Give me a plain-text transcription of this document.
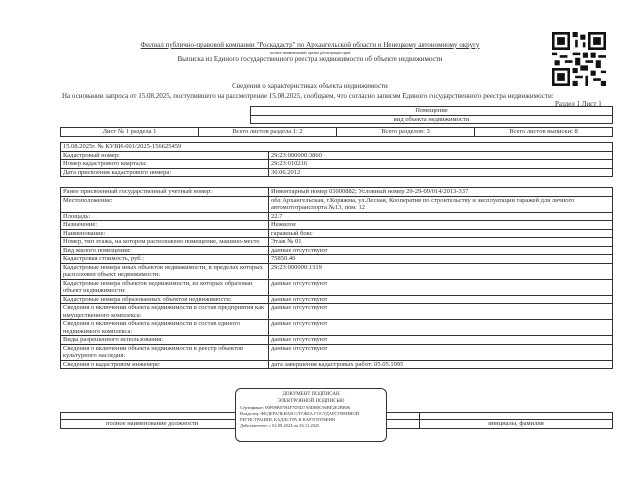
Филиал публично-правовой компании "Роскадастр" по Архангельской области и Ненецкому автономному округу
полное наименование органа регистрации прав
Выписка из Единого государственного реестра недвижимости об объекте недвижимости
Сведения о характеристиках объекта недвижимости
На основании запроса от 15.08.2025, поступившего на рассмотрение 15.08.2025, сообщаем, что согласно записям Единого государственного реестра недвижимости:
Раздел 1 Лист 1
Помещение
вид объекта недвижимости
Лист № 1 раздела 1	Всего листов раздела 1: 2	Всего разделов: 3	Всего листов выписки: 8
15.08.2025г. № КУВИ-001/2025-156625459	
Кадастровый номер:	29:23:000000:3860
Номер кадастрового квартала:	29:23:010216
Дата присвоения кадастрового номера:	30.06.2012
Ранее присвоенный государственный учетный номер:	Инвентарный номер 03000882; Условный номер 29-29-09/014/2013-337
Местоположение:	обл Архангельская, г.Коряжма, ул.Лесная, Кооператив по строительству и эксплуатации гаражей для личного автомототранспорта №13, пом. 12
Площадь:	22.7
Назначение:	Нежилое
Наименование:	гаражный бокс
Номер, тип этажа, на котором расположено помещение, машино-место	Этаж № 01
Вид жилого помещения:	данные отсутствуют
Кадастровая стоимость, руб.:	75850.46
Кадастровые номера иных объектов недвижимости, в пределах которых расположен объект недвижимости:	29:23:000000:1319
Кадастровые номера объектов недвижимости, из которых образован объект недвижимости:	данные отсутствуют
Кадастровые номера образованных объектов недвижимости:	данные отсутствуют
Сведения о включении объекта недвижимости в состав предприятия как имущественного комплекса:	данные отсутствуют
Сведения о включении объекта недвижимости в состав единого недвижимого комплекса:	данные отсутствуют
Виды разрешенного использования:	данные отсутствуют
Сведения о включении объекта недвижимости в реестр объектов культурного наследия:	данные отсутствуют
Сведения о кадастровом инженере:	дата завершения кадастровых работ: 05.05.1995

полное наименование должности		инициалы, фамилия
ДОКУМЕНТ ПОДПИСАН
ЭЛЕКТРОННОЙ ПОДПИСЬЮ
Сертификат: 00F08B07B4F7D5D7A0DB0C96BE2E2BB06
Владелец: ФЕДЕРАЛЬНАЯ СЛУЖБА ГОСУДАРСТВЕННОЙ
РЕГИСТРАЦИИ, КАДАСТРА И КАРТОГРАФИИ
Действителен: с 02.09.2024 по 26.11.2025
